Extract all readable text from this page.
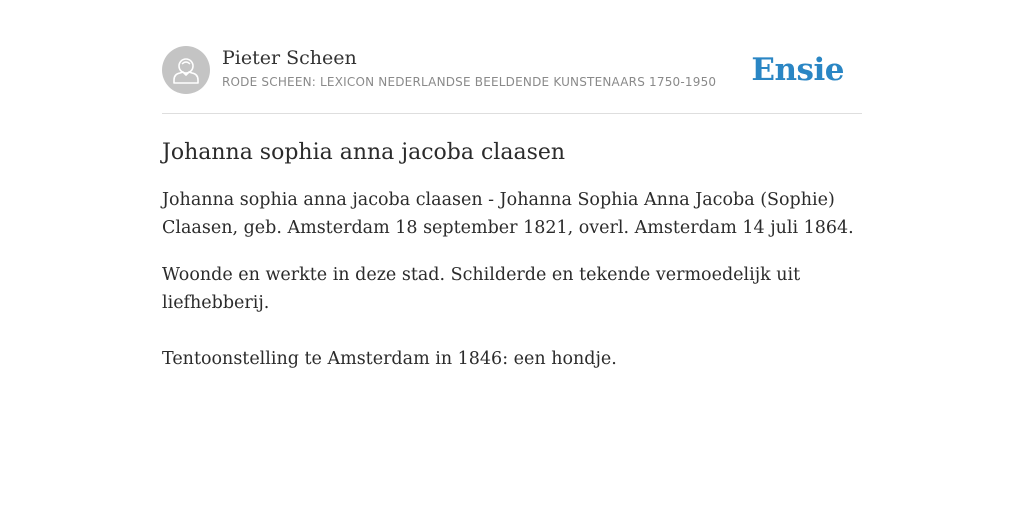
Pieter Scheen
RODE SCHEEN: LEXICON NEDERLANDSE BEELDENDE KUNSTENAARS 1750-1950 Ensie
Johanna sophia anna jacoba claasen

Johanna sophia anna jacoba claasen - Johanna Sophia Anna Jacoba (Sophie) Claasen, geb. Amsterdam 18 september 1821, overl. Amsterdam 14 juli 1864.

Woonde en werkte in deze stad. Schilderde en tekende vermoedelijk uit liefhebberij.

Tentoonstelling te Amsterdam in 1846: een hondje.
